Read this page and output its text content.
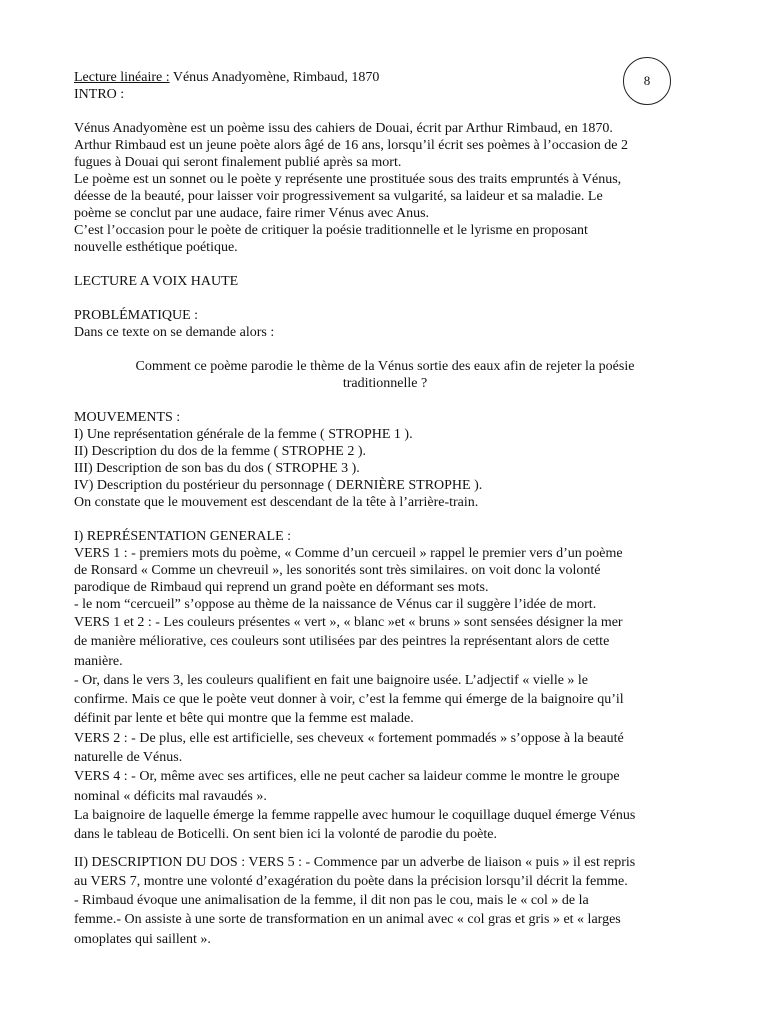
8

Lecture linéaire : Vénus Anadyomène, Rimbaud, 1870

INTRO :

Vénus Anadyomène est un poème issu des cahiers de Douai, écrit par Arthur Rimbaud, en 1870.

Arthur Rimbaud est un jeune poète alors âgé de 16 ans, lorsqu’il écrit ses poèmes à l’occasion de 2

fugues à Douai qui seront finalement publié après sa mort.

Le poème est un sonnet ou le poète y représente une prostituée sous des traits empruntés à Vénus,

déesse de la beauté, pour laisser voir progressivement sa vulgarité, sa laideur et sa maladie. Le

poème se conclut par une audace, faire rimer Vénus avec Anus.

C’est l’occasion pour le poète de critiquer la poésie traditionnelle et le lyrisme en proposant

nouvelle esthétique poétique.

LECTURE A VOIX HAUTE

PROBLÉMATIQUE :

Dans ce texte on se demande alors :

Comment ce poème parodie le thème de la Vénus sortie des eaux afin de rejeter la poésie

traditionnelle ?

MOUVEMENTS :

I) Une représentation générale de la femme ( STROPHE 1 ).

II) Description du dos de la femme ( STROPHE 2 ).

III) Description de son bas du dos ( STROPHE 3 ).

IV) Description du postérieur du personnage ( DERNIÈRE STROPHE ).

On constate que le mouvement est descendant de la tête à l’arrière-train.

I) REPRÉSENTATION GENERALE :

VERS 1 : - premiers mots du poème, « Comme d’un cercueil » rappel le premier vers d’un poème

de Ronsard « Comme un chevreuil », les sonorités sont très similaires. on voit donc la volonté

parodique de Rimbaud qui reprend un grand poète en déformant ses mots.

- le nom “cercueil” s’oppose au thème de la naissance de Vénus car il suggère l’idée de mort.

VERS 1 et 2 : - Les couleurs présentes « vert », « blanc »et « bruns » sont sensées désigner la mer

de manière méliorative, ces couleurs sont utilisées par des peintres la représentant alors de cette

manière.

- Or, dans le vers 3, les couleurs qualifient en fait une baignoire usée. L’adjectif « vielle » le

confirme. Mais ce que le poète veut donner à voir, c’est la femme qui émerge de la baignoire qu’il

définit par lente et bête qui montre que la femme est malade.

VERS 2 : - De plus, elle est artificielle, ses cheveux « fortement pommadés » s’oppose à la beauté

naturelle de Vénus.

VERS 4 : - Or, même avec ses artifices, elle ne peut cacher sa laideur comme le montre le groupe

nominal « déficits mal ravaudés ».

La baignoire de laquelle émerge la femme rappelle avec humour le coquillage duquel émerge Vénus

dans le tableau de Boticelli. On sent bien ici la volonté de parodie du poète.

II) DESCRIPTION DU DOS : VERS 5 : - Commence par un adverbe de liaison « puis » il est repris

au VERS 7, montre une volonté d’exagération du poète dans la précision lorsqu’il décrit la femme.

- Rimbaud évoque une animalisation de la femme, il dit non pas le cou, mais le « col » de la

femme.- On assiste à une sorte de transformation en un animal avec « col gras et gris » et « larges

omoplates qui saillent ».
